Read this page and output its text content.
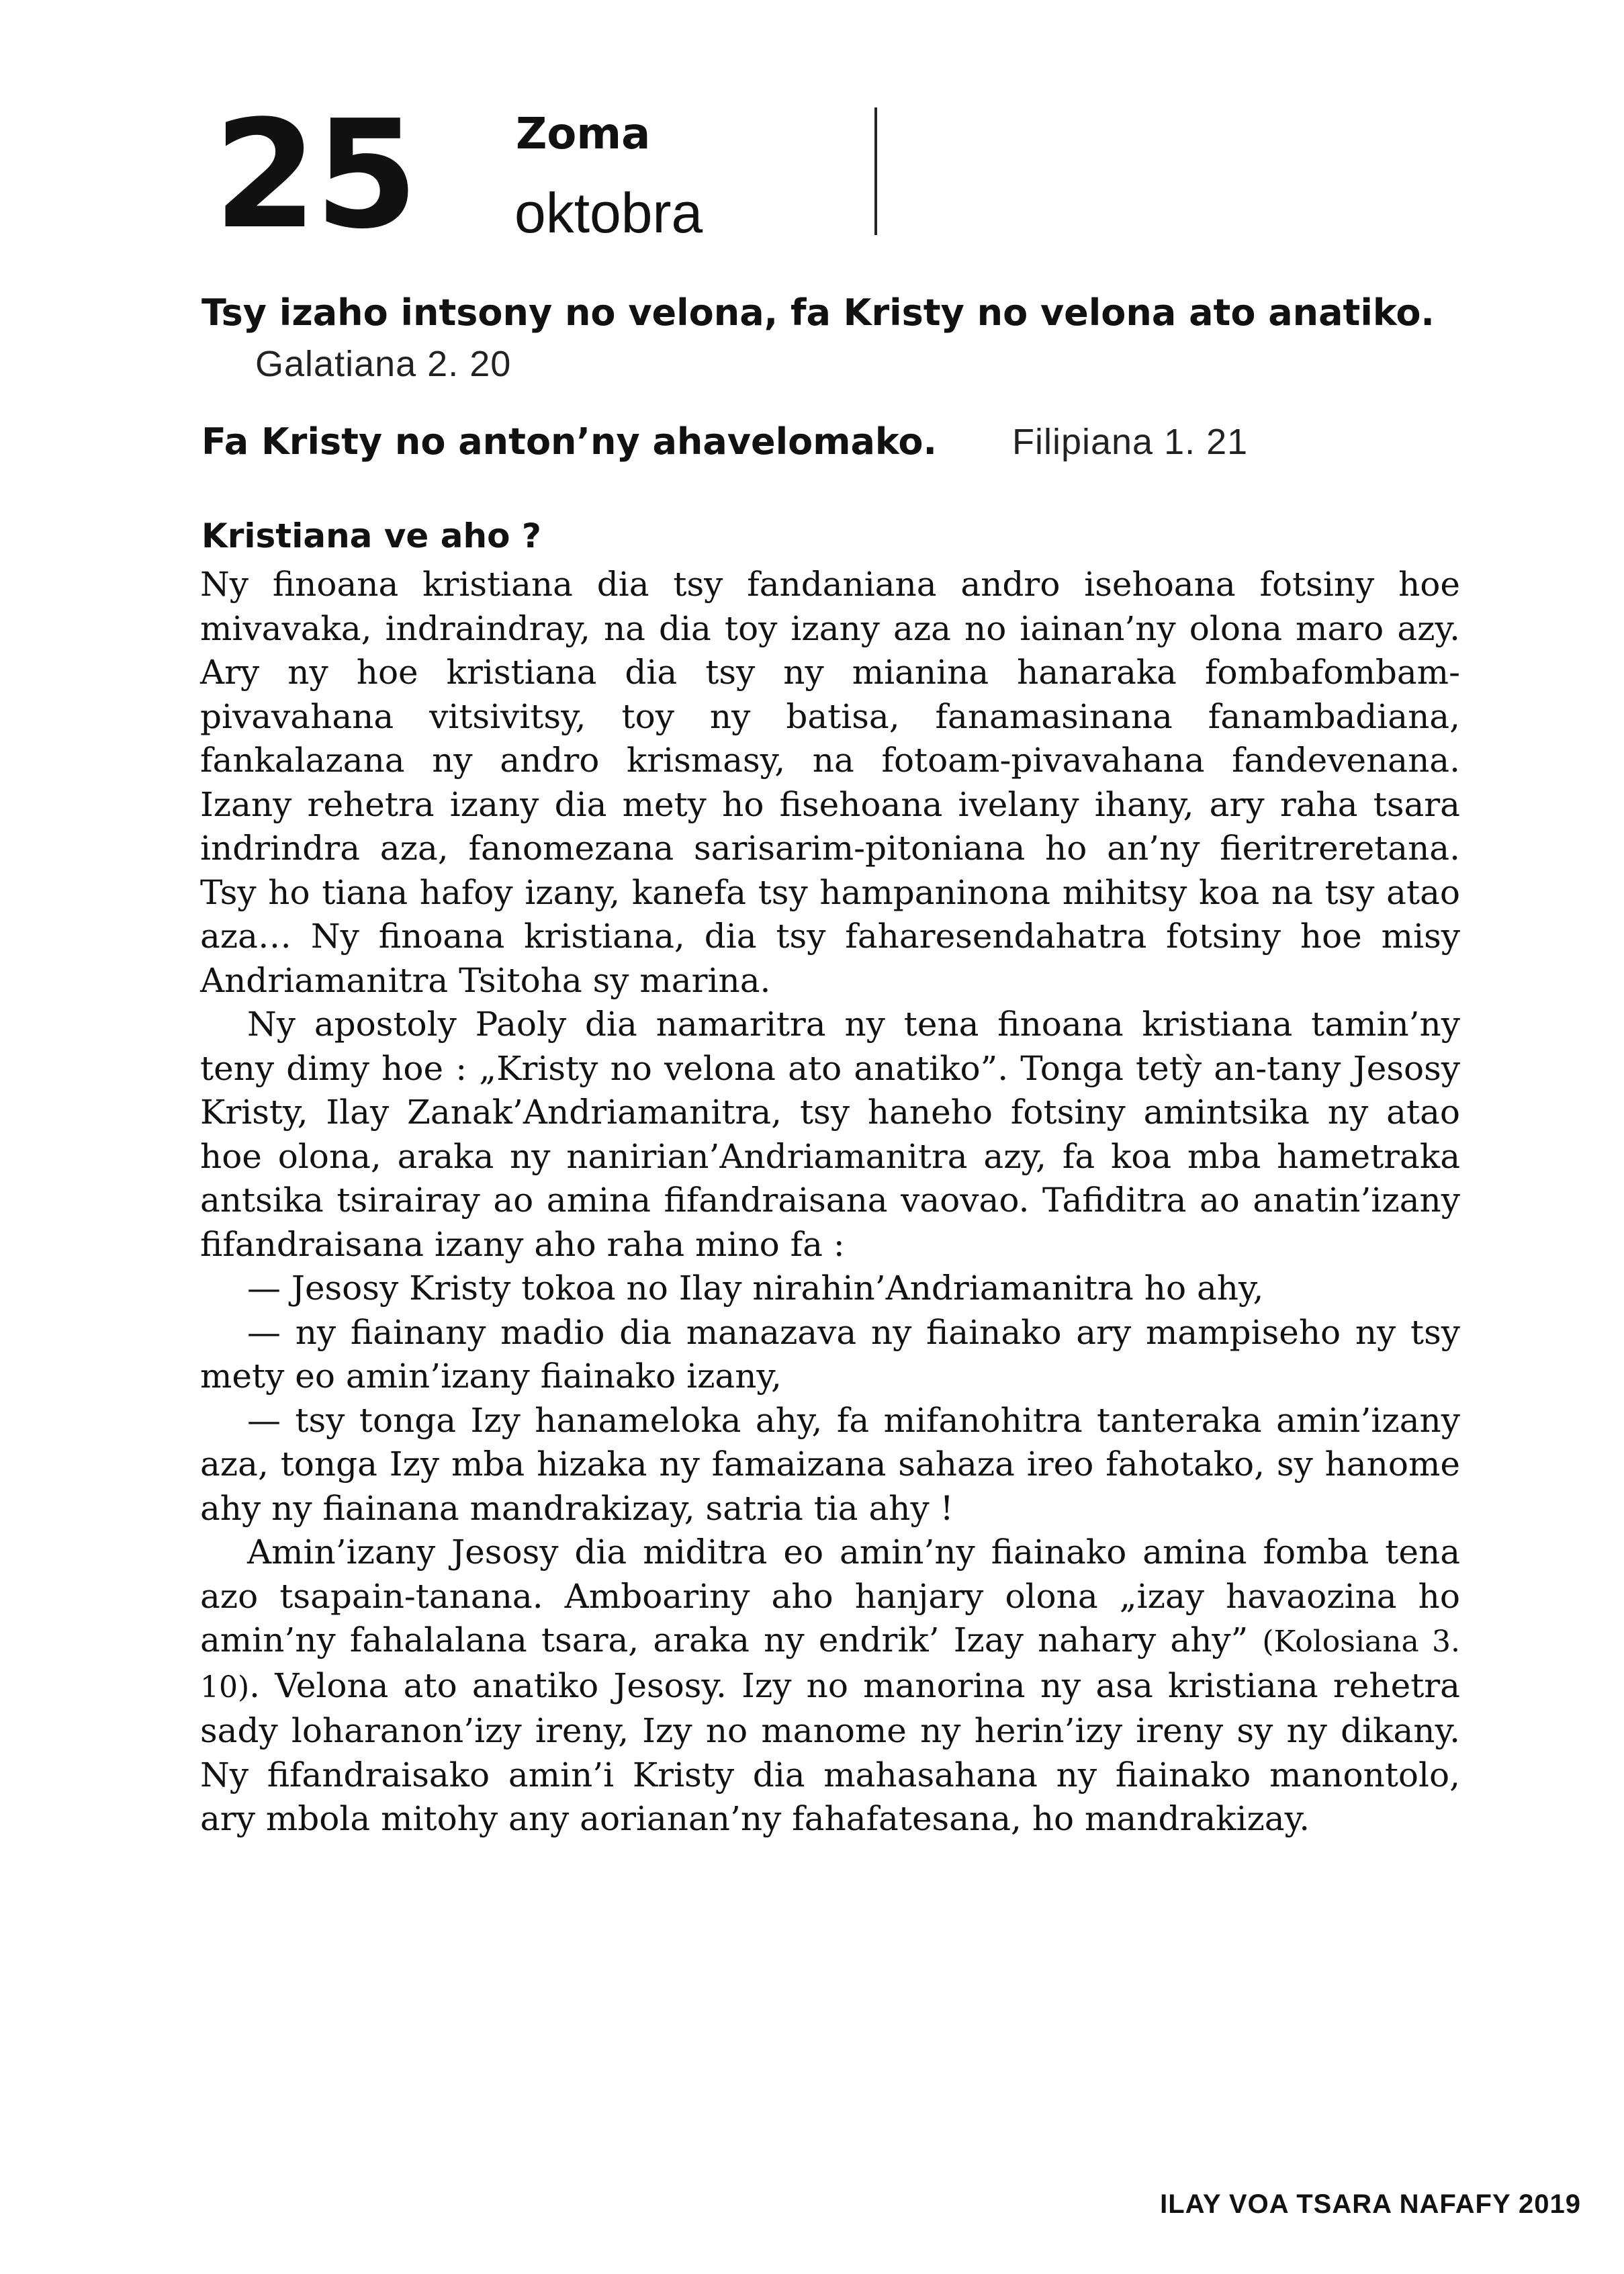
25 Zoma
oktobra
Tsy izaho intsony no velona, fa Kristy no velona ato anatiko.Galatiana 2. 20
Fa Kristy no anton’ny ahavelomako. Filipiana 1. 21
Kristiana ve aho ?

Ny finoana kristiana dia tsy fandaniana andro isehoana fotsiny hoe mivavaka, indraindray, na dia toy izany aza no iainan’ny olona maro azy. Ary ny hoe kristiana dia tsy ny mianina hanaraka fombafombam-pivavahana vitsivitsy, toy ny batisa, fanamasinana fanambadiana, fankalazana ny andro krismasy, na fotoam-pivavahana fandevenana. Izany rehetra izany dia mety ho fisehoana ivelany ihany, ary raha tsara indrindra aza, fanomezana sarisarim-pitoniana ho an’ny fieritreretana. Tsy ho tiana hafoy izany, kanefa tsy hampaninona mihitsy koa na tsy atao aza… Ny finoana kristiana, dia tsy faharesendahatra fotsiny hoe misy Andriamanitra Tsitoha sy marina.

Ny apostoly Paoly dia namaritra ny tena finoana kristiana tamin’ny teny dimy hoe : „Kristy no velona ato anatiko”. Tonga tetỳ an-tany Jesosy Kristy, Ilay Zanak’Andriamanitra, tsy haneho fotsiny amintsika ny atao hoe olona, araka ny nanirian’Andriamanitra azy, fa koa mba hametraka antsika tsirairay ao amina fifandraisana vaovao. Tafiditra ao anatin’izany fifandraisana izany aho raha mino fa :

— Jesosy Kristy tokoa no Ilay nirahin’Andriamanitra ho ahy,

— ny fiainany madio dia manazava ny fiainako ary mampiseho ny tsy mety eo amin’izany fiainako izany,

— tsy tonga Izy hanameloka ahy, fa mifanohitra tanteraka amin’izany aza, tonga Izy mba hizaka ny famaizana sahaza ireo fahotako, sy hanome ahy ny fiainana mandrakizay, satria tia ahy !

Amin’izany Jesosy dia miditra eo amin’ny fiainako amina fomba tena azo tsapain-tanana. Amboariny aho hanjary olona „izay havaozina ho amin’ny fahalalana tsara, araka ny endrik’ Izay nahary ahy” (Kolosiana 3. 10). Velona ato anatiko Jesosy. Izy no manorina ny asa kristiana rehetra sady loharanon’izy ireny, Izy no manome ny herin’izy ireny sy ny dikany. Ny fifandraisako amin’i Kristy dia mahasahana ny fiainako manontolo, ary mbola mitohy any aorianan’ny fahafatesana, ho mandrakizay.

ILAY VOA TSARA NAFAFY 2019
